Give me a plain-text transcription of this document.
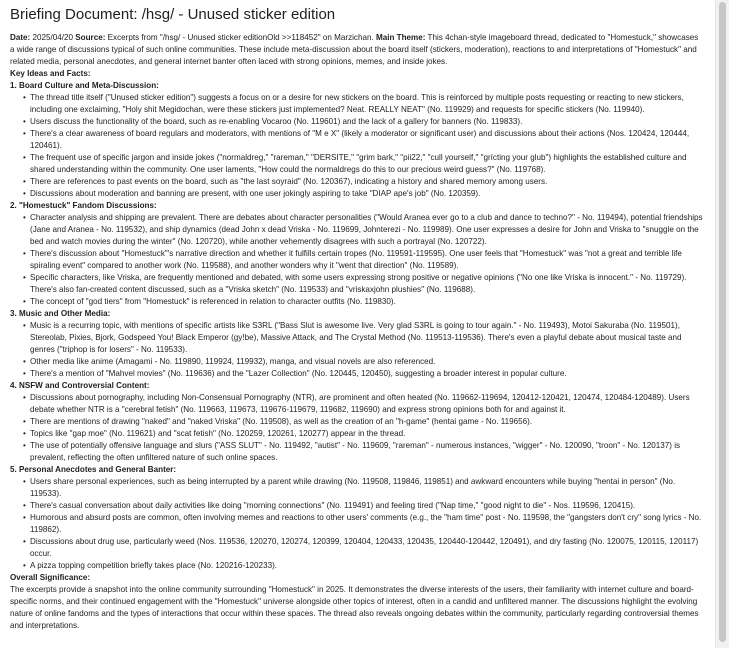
Briefing Document: /hsg/ - Unused sticker edition

Date: 2025/04/20 Source: Excerpts from "/hsg/ - Unused sticker editionOld >>118452" on Marzichan. Main Theme: This 4chan-style imageboard thread, dedicated to "Homestuck," showcases a wide range of discussions typical of such online communities. These include meta-discussion about the board itself (stickers, moderation), reactions to and interpretations of "Homestuck" and related media, personal anecdotes, and general internet banter often laced with strong opinions, memes, and inside jokes.

Key Ideas and Facts:
1. Board Culture and Meta-Discussion:
• The thread title itself ("Unused sticker edition") suggests a focus on or a desire for new stickers on the board. This is reinforced by multiple posts requesting or reacting to new stickers, including one exclaiming, "Holy shit Megidochan, were these stickers just implemented? Neat. REALLY NEAT" (No. 119929) and requests for specific stickers (No. 119940).
• Users discuss the functionality of the board, such as re-enabling Vocaroo (No. 119601) and the lack of a gallery for banners (No. 119833).
• There's a clear awareness of board regulars and moderators, with mentions of "M e X" (likely a moderator or significant user) and discussions about their actions (Nos. 120424, 120444, 120461).
• The frequent use of specific jargon and inside jokes ("normaldreg," "rareman," "DERSITE," "grim bark," "pii22," "cull yourself," "grícting your glub") highlights the established culture and shared understanding within the community. One user laments, "How could the normaldregs do this to our precious weird guess?" (No. 119768).
• There are references to past events on the board, such as "the last soyraid" (No. 120367), indicating a history and shared memory among users.
• Discussions about moderation and banning are present, with one user jokingly aspiring to take "DIAP ape's job" (No. 120359).
2. "Homestuck" Fandom Discussions:
• Character analysis and shipping are prevalent. There are debates about character personalities ("Would Aranea ever go to a club and dance to techno?" - No. 119494), potential friendships (Jane and Aranea - No. 119532), and ship dynamics (dead John x dead Vriska - No. 119699, Johnterezi - No. 119989). One user expresses a desire for John and Vriska to "snuggle on the bed and watch movies during the winter" (No. 120720), while another vehemently disagrees with such a portrayal (No. 120722).
• There's discussion about "Homestuck"'s narrative direction and whether it fulfills certain tropes (No. 119591-119595). One user feels that "Homestuck" was "not a great and terrible life spiraling event" compared to another work (No. 119588), and another wonders why it "went that direction" (No. 119589).
• Specific characters, like Vriska, are frequently mentioned and debated, with some users expressing strong positive or negative opinions ("No one like Vriska is innocent." - No. 119729). There's also fan-created content discussed, such as a "Vriska sketch" (No. 119533) and "vriskaxjohn plushies" (No. 119688).
• The concept of "god tiers" from "Homestuck" is referenced in relation to character outfits (No. 119830).
3. Music and Other Media:
• Music is a recurring topic, with mentions of specific artists like S3RL ("Bass Slut is awesome live. Very glad S3RL is going to tour again." - No. 119493), Motoi Sakuraba (No. 119501), Stereolab, Pixies, Bjork, Godspeed You! Black Emperor (gy!be), Massive Attack, and The Crystal Method (No. 119513-119536). There's even a playful debate about musical taste and genres ("triphop is for losers" - No. 119533).
• Other media like anime (Amagami - No. 119890, 119924, 119932), manga, and visual novels are also referenced.
• There's a mention of "Mahvel movies" (No. 119636) and the "Lazer Collection" (No. 120445, 120450), suggesting a broader interest in popular culture.
4. NSFW and Controversial Content:
• Discussions about pornography, including Non-Consensual Pornography (NTR), are prominent and often heated (No. 119662-119694, 120412-120421, 120474, 120484-120489). Users debate whether NTR is a "cerebral fetish" (No. 119663, 119673, 119676-119679, 119682, 119690) and express strong opinions both for and against it.
• There are mentions of drawing "naked" and "naked Vriska" (No. 119508), as well as the creation of an "h-game" (hentai game - No. 119656).
• Topics like "gap moe" (No. 119621) and "scat fetish" (No. 120259, 120261, 120277) appear in the thread.
• The use of potentially offensive language and slurs ("ASS SLUT" - No. 119492, "autist" - No. 119609, "rareman" - numerous instances, "wigger" - No. 120090, "troon" - No. 120137) is prevalent, reflecting the often unfiltered nature of such online spaces.
5. Personal Anecdotes and General Banter:
• Users share personal experiences, such as being interrupted by a parent while drawing (No. 119508, 119846, 119851) and awkward encounters while buying "hentai in person" (No. 119533).
• There's casual conversation about daily activities like doing "morning connections" (No. 119491) and feeling tired ("Nap time," "good night to die" - Nos. 119596, 120415).
• Humorous and absurd posts are common, often involving memes and reactions to other users' comments (e.g., the "ham time" post - No. 119598, the "gangsters don't cry" song lyrics - No. 119862).
• Discussions about drug use, particularly weed (Nos. 119536, 120270, 120274, 120399, 120404, 120433, 120435, 120440-120442, 120491), and dry fasting (No. 120075, 120115, 120117) occur.
• A pizza topping competition briefly takes place (No. 120216-120233).
Overall Significance:

The excerpts provide a snapshot into the online community surrounding "Homestuck" in 2025. It demonstrates the diverse interests of the users, their familiarity with internet culture and board-specific norms, and their continued engagement with the "Homestuck" universe alongside other topics of interest, often in a candid and unfiltered manner. The discussions highlight the evolving nature of online fandoms and the types of interactions that occur within these spaces. The thread also reveals ongoing debates within the community, particularly regarding controversial themes and interpretations.
